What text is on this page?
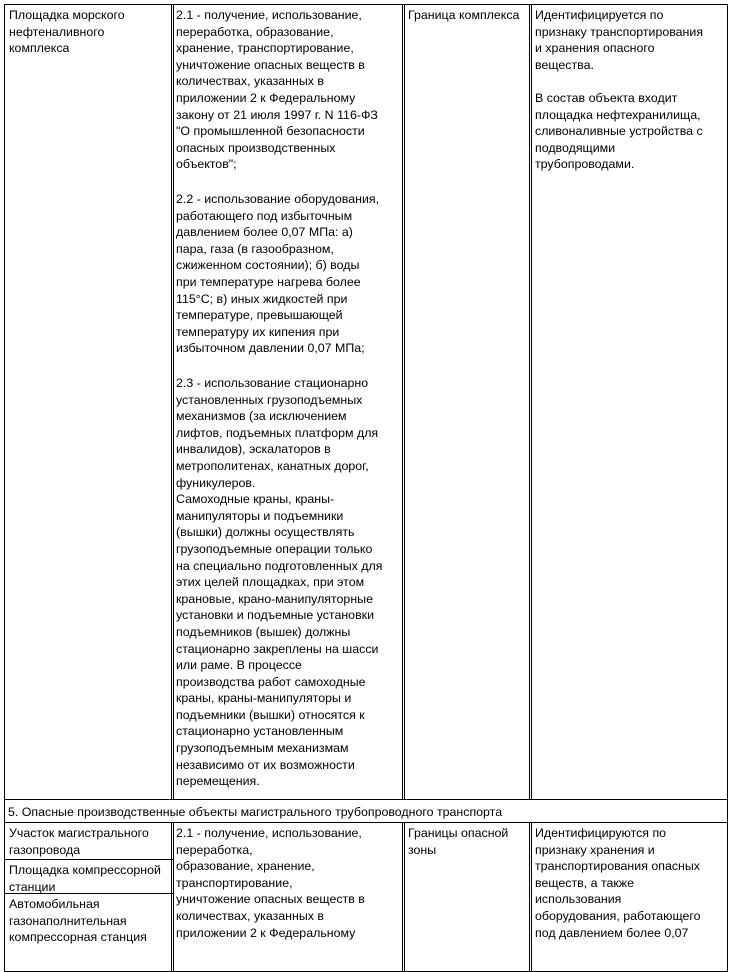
Площадка морского
нефтеналивного
комплекса
2.1 - получение, использование,
переработка, образование,
хранение, транспортирование,
уничтожение опасных веществ в
количествах, указанных в
приложении 2 к Федеральному
закону от 21 июля 1997 г. N 116-ФЗ
"О промышленной безопасности
опасных производственных
объектов";
2.2 - использование оборудования,
работающего под избыточным
давлением более 0,07 МПа: а)
пара, газа (в газообразном,
сжиженном состоянии); б) воды
при температуре нагрева более
115°С; в) иных жидкостей при
температуре, превышающей
температуру их кипения при
избыточном давлении 0,07 МПа;
2.3 - использование стационарно
установленных грузоподъемных
механизмов (за исключением
лифтов, подъемных платформ для
инвалидов), эскалаторов в
метрополитенах, канатных дорог,
фуникулеров.
Самоходные краны, краны-
манипуляторы и подъемники
(вышки) должны осуществлять
грузоподъемные операции только
на специально подготовленных для
этих целей площадках, при этом
крановые, крано-манипуляторные
установки и подъемные установки
подъемников (вышек) должны
стационарно закреплены на шасси
или раме. В процессе
производства работ самоходные
краны, краны-манипуляторы и
подъемники (вышки) относятся к
стационарно установленным
грузоподъемным механизмам
независимо от их возможности
перемещения.
Граница комплекса	Идентифицируется по
признаку транспортирования
и хранения опасного
вещества.

В состав объекта входит
площадка нефтехранилища,
сливоналивные устройства с
подводящими
трубопроводами.
5. Опасные производственные объекты магистрального трубопроводного транспорта
Участок магистрального
газопровода
Площадка компрессорной
станции
Автомобильная
газонаполнительная
компрессорная станция
2.1 - получение, использование,
переработка,
образование, хранение,
транспортирование,
уничтожение опасных веществ в
количествах, указанных в
приложении 2 к Федеральному
Границы опасной
зоны
Идентифицируются по
признаку хранения и
транспортирования опасных
веществ, а также
использования
оборудования, работающего
под давлением более 0,07
